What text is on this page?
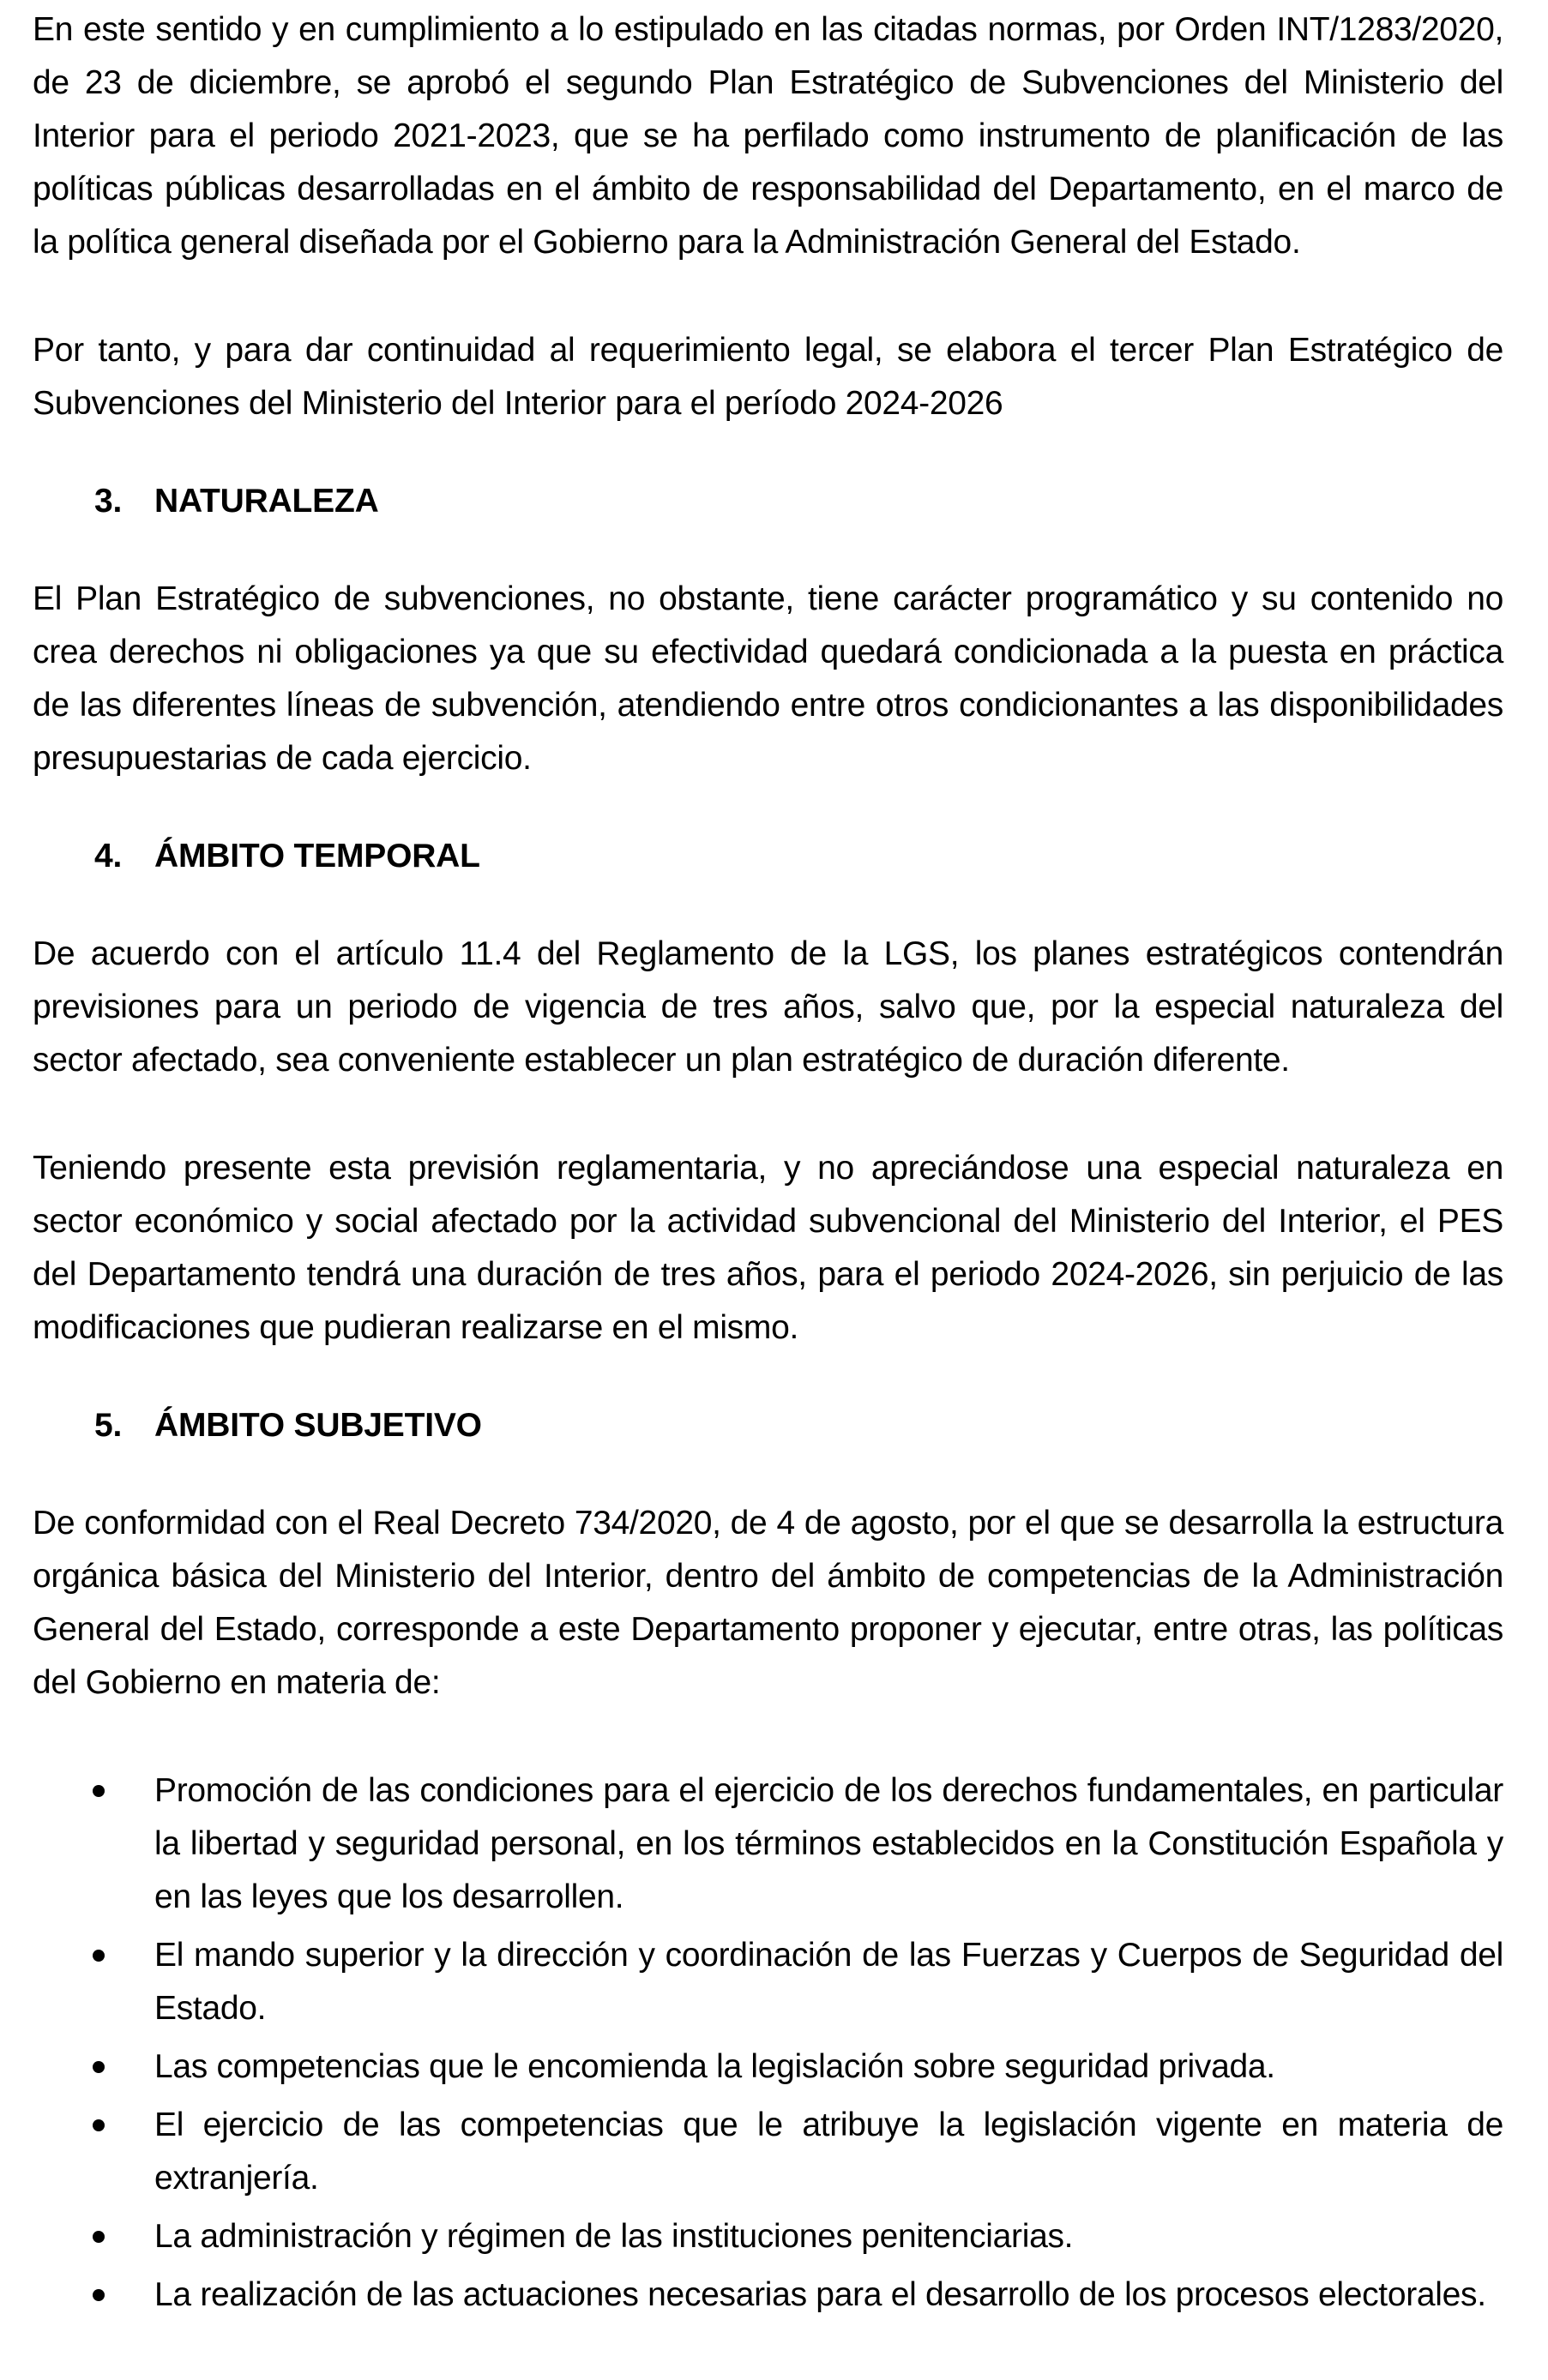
En este sentido y en cumplimiento a lo estipulado en las citadas normas, por Orden INT/1283/2020, de 23 de diciembre, se aprobó el segundo Plan Estratégico de Subvenciones del Ministerio del Interior para el periodo 2021-2023, que se ha perfilado como instrumento de planificación de las políticas públicas desarrolladas en el ámbito de responsabilidad del Departamento, en el marco de la política general diseñada por el Gobierno para la Administración General del Estado.

Por tanto, y para dar continuidad al requerimiento legal, se elabora el tercer Plan Estratégico de Subvenciones del Ministerio del Interior para el período 2024-2026

3. NATURALEZA

El Plan Estratégico de subvenciones, no obstante, tiene carácter programático y su contenido no crea derechos ni obligaciones ya que su efectividad quedará condicionada a la puesta en práctica de las diferentes líneas de subvención, atendiendo entre otros condicionantes a las disponibilidades presupuestarias de cada ejercicio.

4. ÁMBITO TEMPORAL

De acuerdo con el artículo 11.4 del Reglamento de la LGS, los planes estratégicos contendrán previsiones para un periodo de vigencia de tres años, salvo que, por la especial naturaleza del sector afectado, sea conveniente establecer un plan estratégico de duración diferente.

Teniendo presente esta previsión reglamentaria, y no apreciándose una especial naturaleza en sector económico y social afectado por la actividad subvencional del Ministerio del Interior, el PES del Departamento tendrá una duración de tres años, para el periodo 2024-2026, sin perjuicio de las modificaciones que pudieran realizarse en el mismo.

5. ÁMBITO SUBJETIVO

De conformidad con el Real Decreto 734/2020, de 4 de agosto, por el que se desarrolla la estructura orgánica básica del Ministerio del Interior, dentro del ámbito de competencias de la Administración General del Estado, corresponde a este Departamento proponer y ejecutar, entre otras, las políticas del Gobierno en materia de:

Promoción de las condiciones para el ejercicio de los derechos fundamentales, en particular la libertad y seguridad personal, en los términos establecidos en la Constitución Española y en las leyes que los desarrollen.
El mando superior y la dirección y coordinación de las Fuerzas y Cuerpos de Seguridad del Estado.
Las competencias que le encomienda la legislación sobre seguridad privada.
El ejercicio de las competencias que le atribuye la legislación vigente en materia de extranjería.
La administración y régimen de las instituciones penitenciarias.
La realización de las actuaciones necesarias para el desarrollo de los procesos electorales.
